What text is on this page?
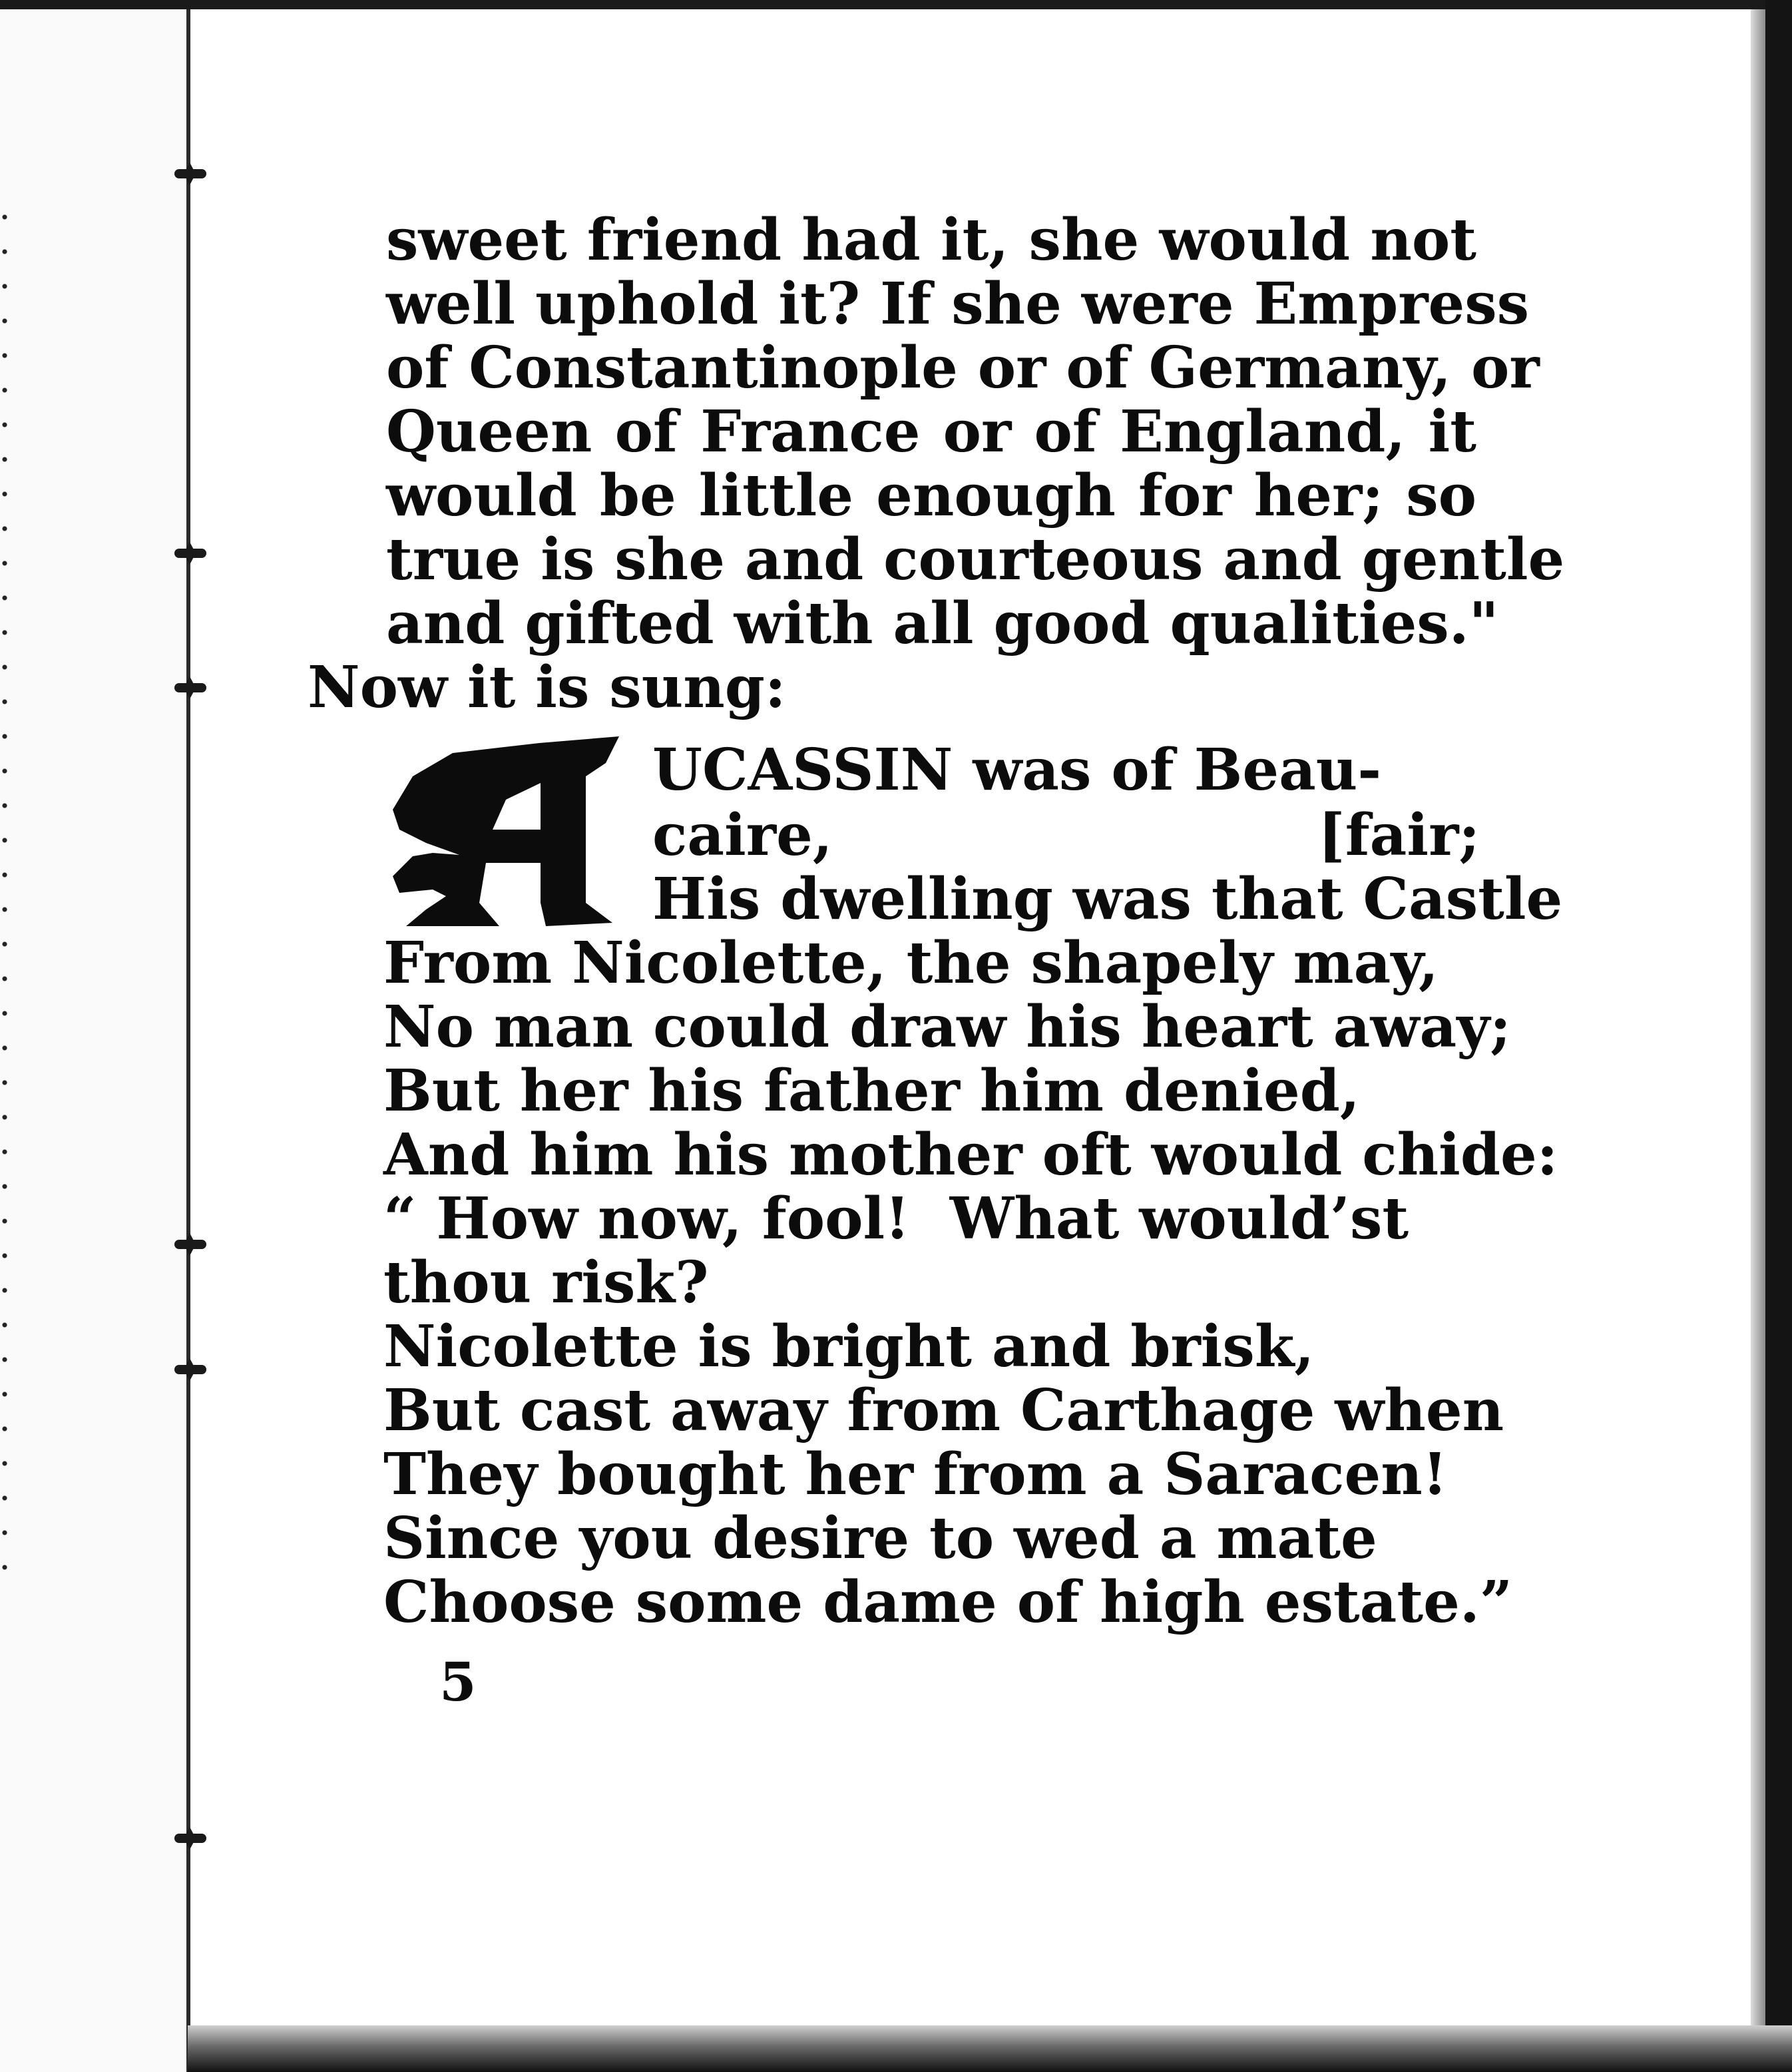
sweet friend had it, she would not
well uphold it? If she were Empress
of Constantinople or of Germany, or
Queen of France or of England, it
would be little enough for her; so
true is she and courteous and gentle
and gifted with all good qualities."
Now it is sung:
UCASSIN was of Beau-
caire,	[fair;
His dwelling was that Castle
From Nicolette, the shapely may,
No man could draw his heart away;
But her his father him denied,
And him his mother oft would chide:
“ How now, fool!  What would’st
thou risk?
Nicolette is bright and brisk,
But cast away from Carthage when
They bought her from a Saracen!
Since you desire to wed a mate
Choose some dame of high estate.”
5
